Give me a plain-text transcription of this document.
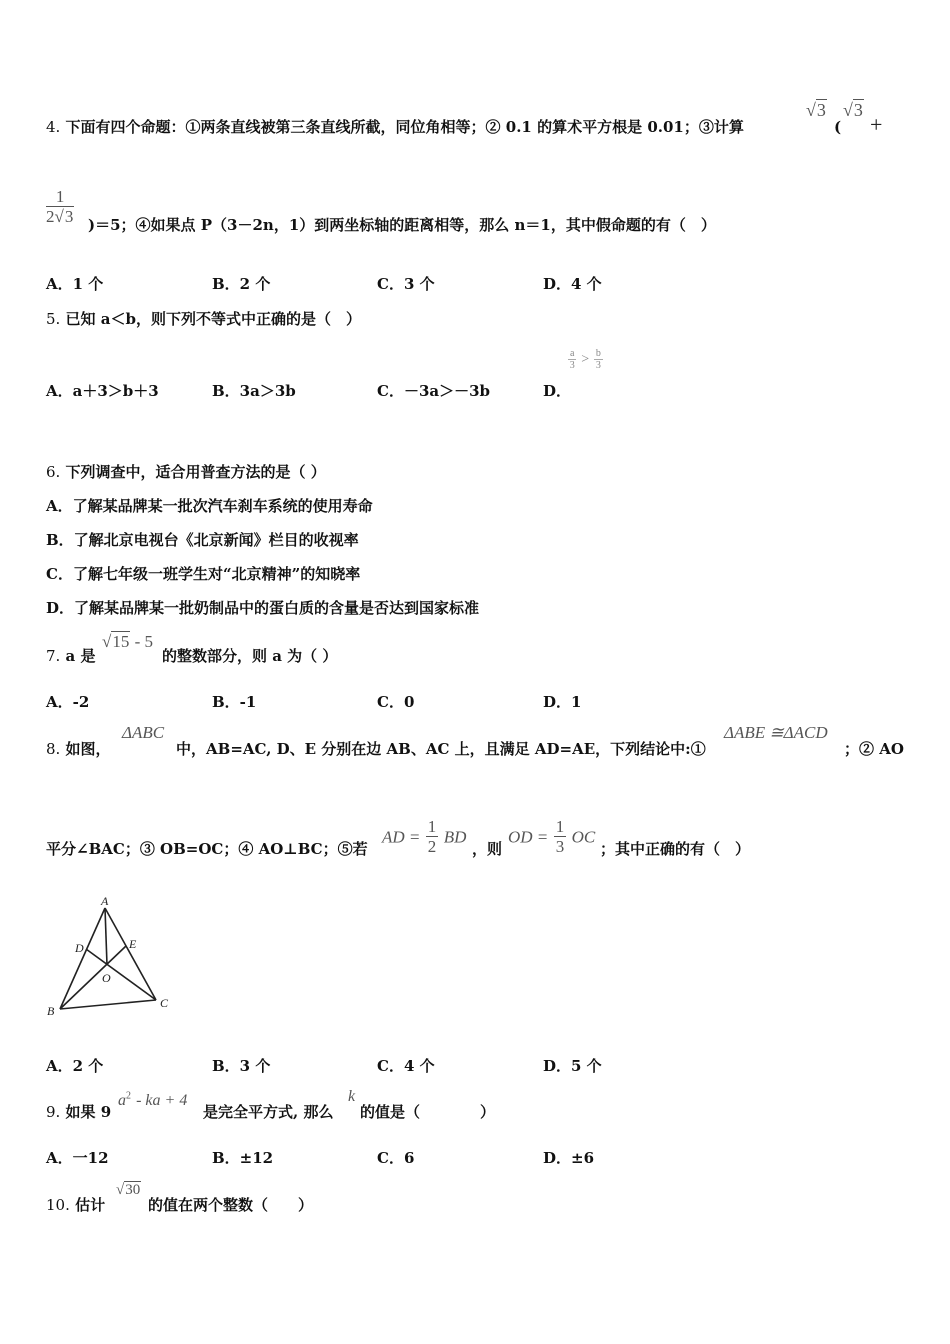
4. 下面有四个命题：①两条直线被第三条直线所截，同位角相等；② 0.1 的算术平方根是 0.01；③计算
√3
(
√3
+
$\frac{1}{2√3} )=5$；④如果点 P（3－2n，1）到两坐标轴的距离相等，那么 n＝1，其中假命题的有（　）
A．1 个	B．2 个	C．3 个	D．4 个
5. 已知 a＜b，则下列不等式中正确的是（　）
A．a＋3＞b＋3	B．3a＞3b	C．－3a＞－3b	D．
$\frac{a}{3} > \frac{b}{3}$
6. 下列调查中，适合用普查方法的是（ ）
A．了解某品牌某一批次汽车刹车系统的使用寿命
B．了解北京电视台《北京新闻》栏目的收视率
C．了解七年级一班学生对“北京精神”的知晓率
D．了解某品牌某一批奶制品中的蛋白质的含量是否达到国家标准
7. a 是
√15 - 5
的整数部分，则 a 为（ ）
A．-2	B．-1	C．0	D．1
8. 如图，
ΔABC
中，AB=AC, D、E 分别在边 AB、AC 上，且满足 AD=AE，下列结论中:①
ΔABE ≅ΔACD
；② AO
平分∠BAC；③ OB=OC；④ AO⊥BC；⑤若
AD = $\frac{1}{2}$ BD
，则
OD = $\frac{1}{3}$ OC
；其中正确的有（　）
A
B
C
D	E
O
A．2 个	B．3 个	C．4 个	D．5 个
9. 如果 9
$a^2$ - ka + 4
是完全平方式, 那么
k
的值是（　　　　）
A．一12	B．±12	C．6	D．±6
10. 估计
√30
的值在两个整数（　　）
